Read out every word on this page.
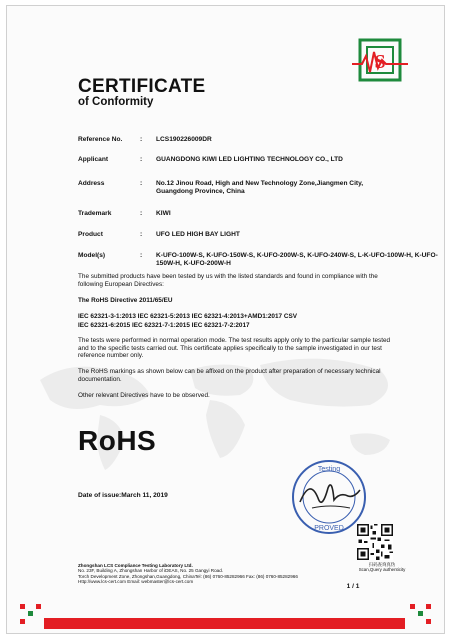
S
CERTIFICATE
of Conformity
Reference No.	: LCS190226009DR
Applicant	: GUANGDONG KIWI LED LIGHTING TECHNOLOGY CO., LTD
Address	: No.12 Jinou Road, High and New Technology Zone,Jiangmen City, Guangdong Province, China
Trademark	: KIWI
Product	: UFO LED HIGH BAY LIGHT
Model(s)	: K-UFO-100W-S, K-UFO-150W-S, K-UFO-200W-S, K-UFO-240W-S, L-K-UFO-100W-H, K-UFO-150W-H, K-UFO-200W-H
The submitted products have been tested by us with the listed standards and found in compliance with the following European Directives:
The RoHS Directive 2011/65/EU
IEC 62321-3-1:2013 IEC 62321-5:2013 IEC 62321-4:2013+AMD1:2017 CSV
IEC 62321-6:2015 IEC 62321-7-1:2015 IEC 62321-7-2:2017
The tests were performed in normal operation mode. The test results apply only to the particular sample tested and to the specific tests carried out. This certificate applies specifically to the sample investigated in our test reference number only.
The RoHS markings as shown below can be affixed on the product after preparation of necessary technical documentation.
Other relevant Directives have to be observed.
RoHS
Date of issue:March 11, 2019
Testing
PROVED
Zhongshan LCS Compliance Testing Laboratory Ltd.
No. 23F, Building A, Zhongshan Harbor of iDEAS, No. 25 Gangyi Road.
Torch Development Zone, Zhongshan,Guangdong, ChinaTel: (86) 0760-85282966 Fax: (86) 0760-85282966
Http://www.lcs-cert.com Email: webmaster@lcs-cert.com
扫码查询真伪
Scan,Query authenticity
1 / 1
